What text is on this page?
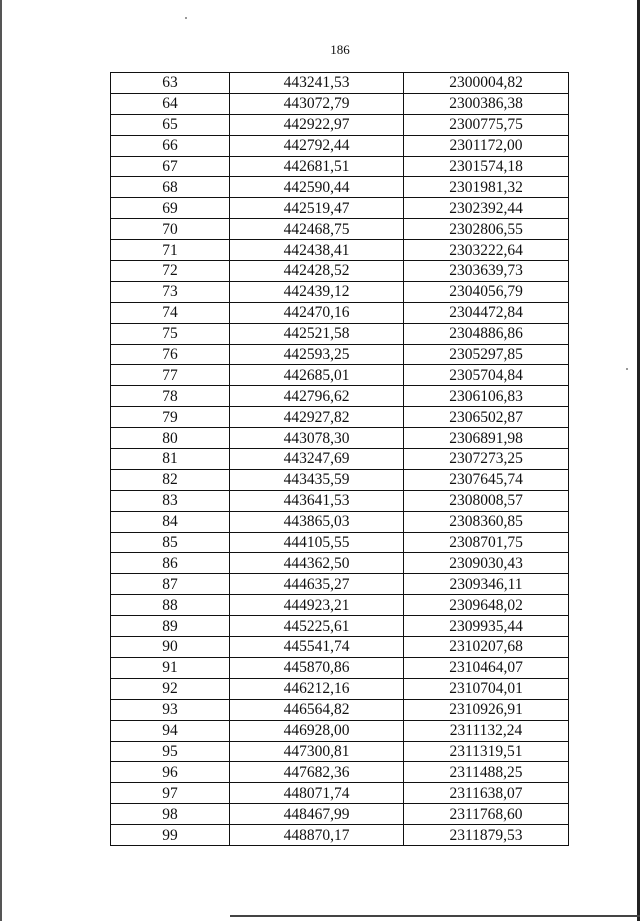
186
63	443241,53	2300004,82
64	443072,79	2300386,38
65	442922,97	2300775,75
66	442792,44	2301172,00
67	442681,51	2301574,18
68	442590,44	2301981,32
69	442519,47	2302392,44
70	442468,75	2302806,55
71	442438,41	2303222,64
72	442428,52	2303639,73
73	442439,12	2304056,79
74	442470,16	2304472,84
75	442521,58	2304886,86
76	442593,25	2305297,85
77	442685,01	2305704,84
78	442796,62	2306106,83
79	442927,82	2306502,87
80	443078,30	2306891,98
81	443247,69	2307273,25
82	443435,59	2307645,74
83	443641,53	2308008,57
84	443865,03	2308360,85
85	444105,55	2308701,75
86	444362,50	2309030,43
87	444635,27	2309346,11
88	444923,21	2309648,02
89	445225,61	2309935,44
90	445541,74	2310207,68
91	445870,86	2310464,07
92	446212,16	2310704,01
93	446564,82	2310926,91
94	446928,00	2311132,24
95	447300,81	2311319,51
96	447682,36	2311488,25
97	448071,74	2311638,07
98	448467,99	2311768,60
99	448870,17	2311879,53
